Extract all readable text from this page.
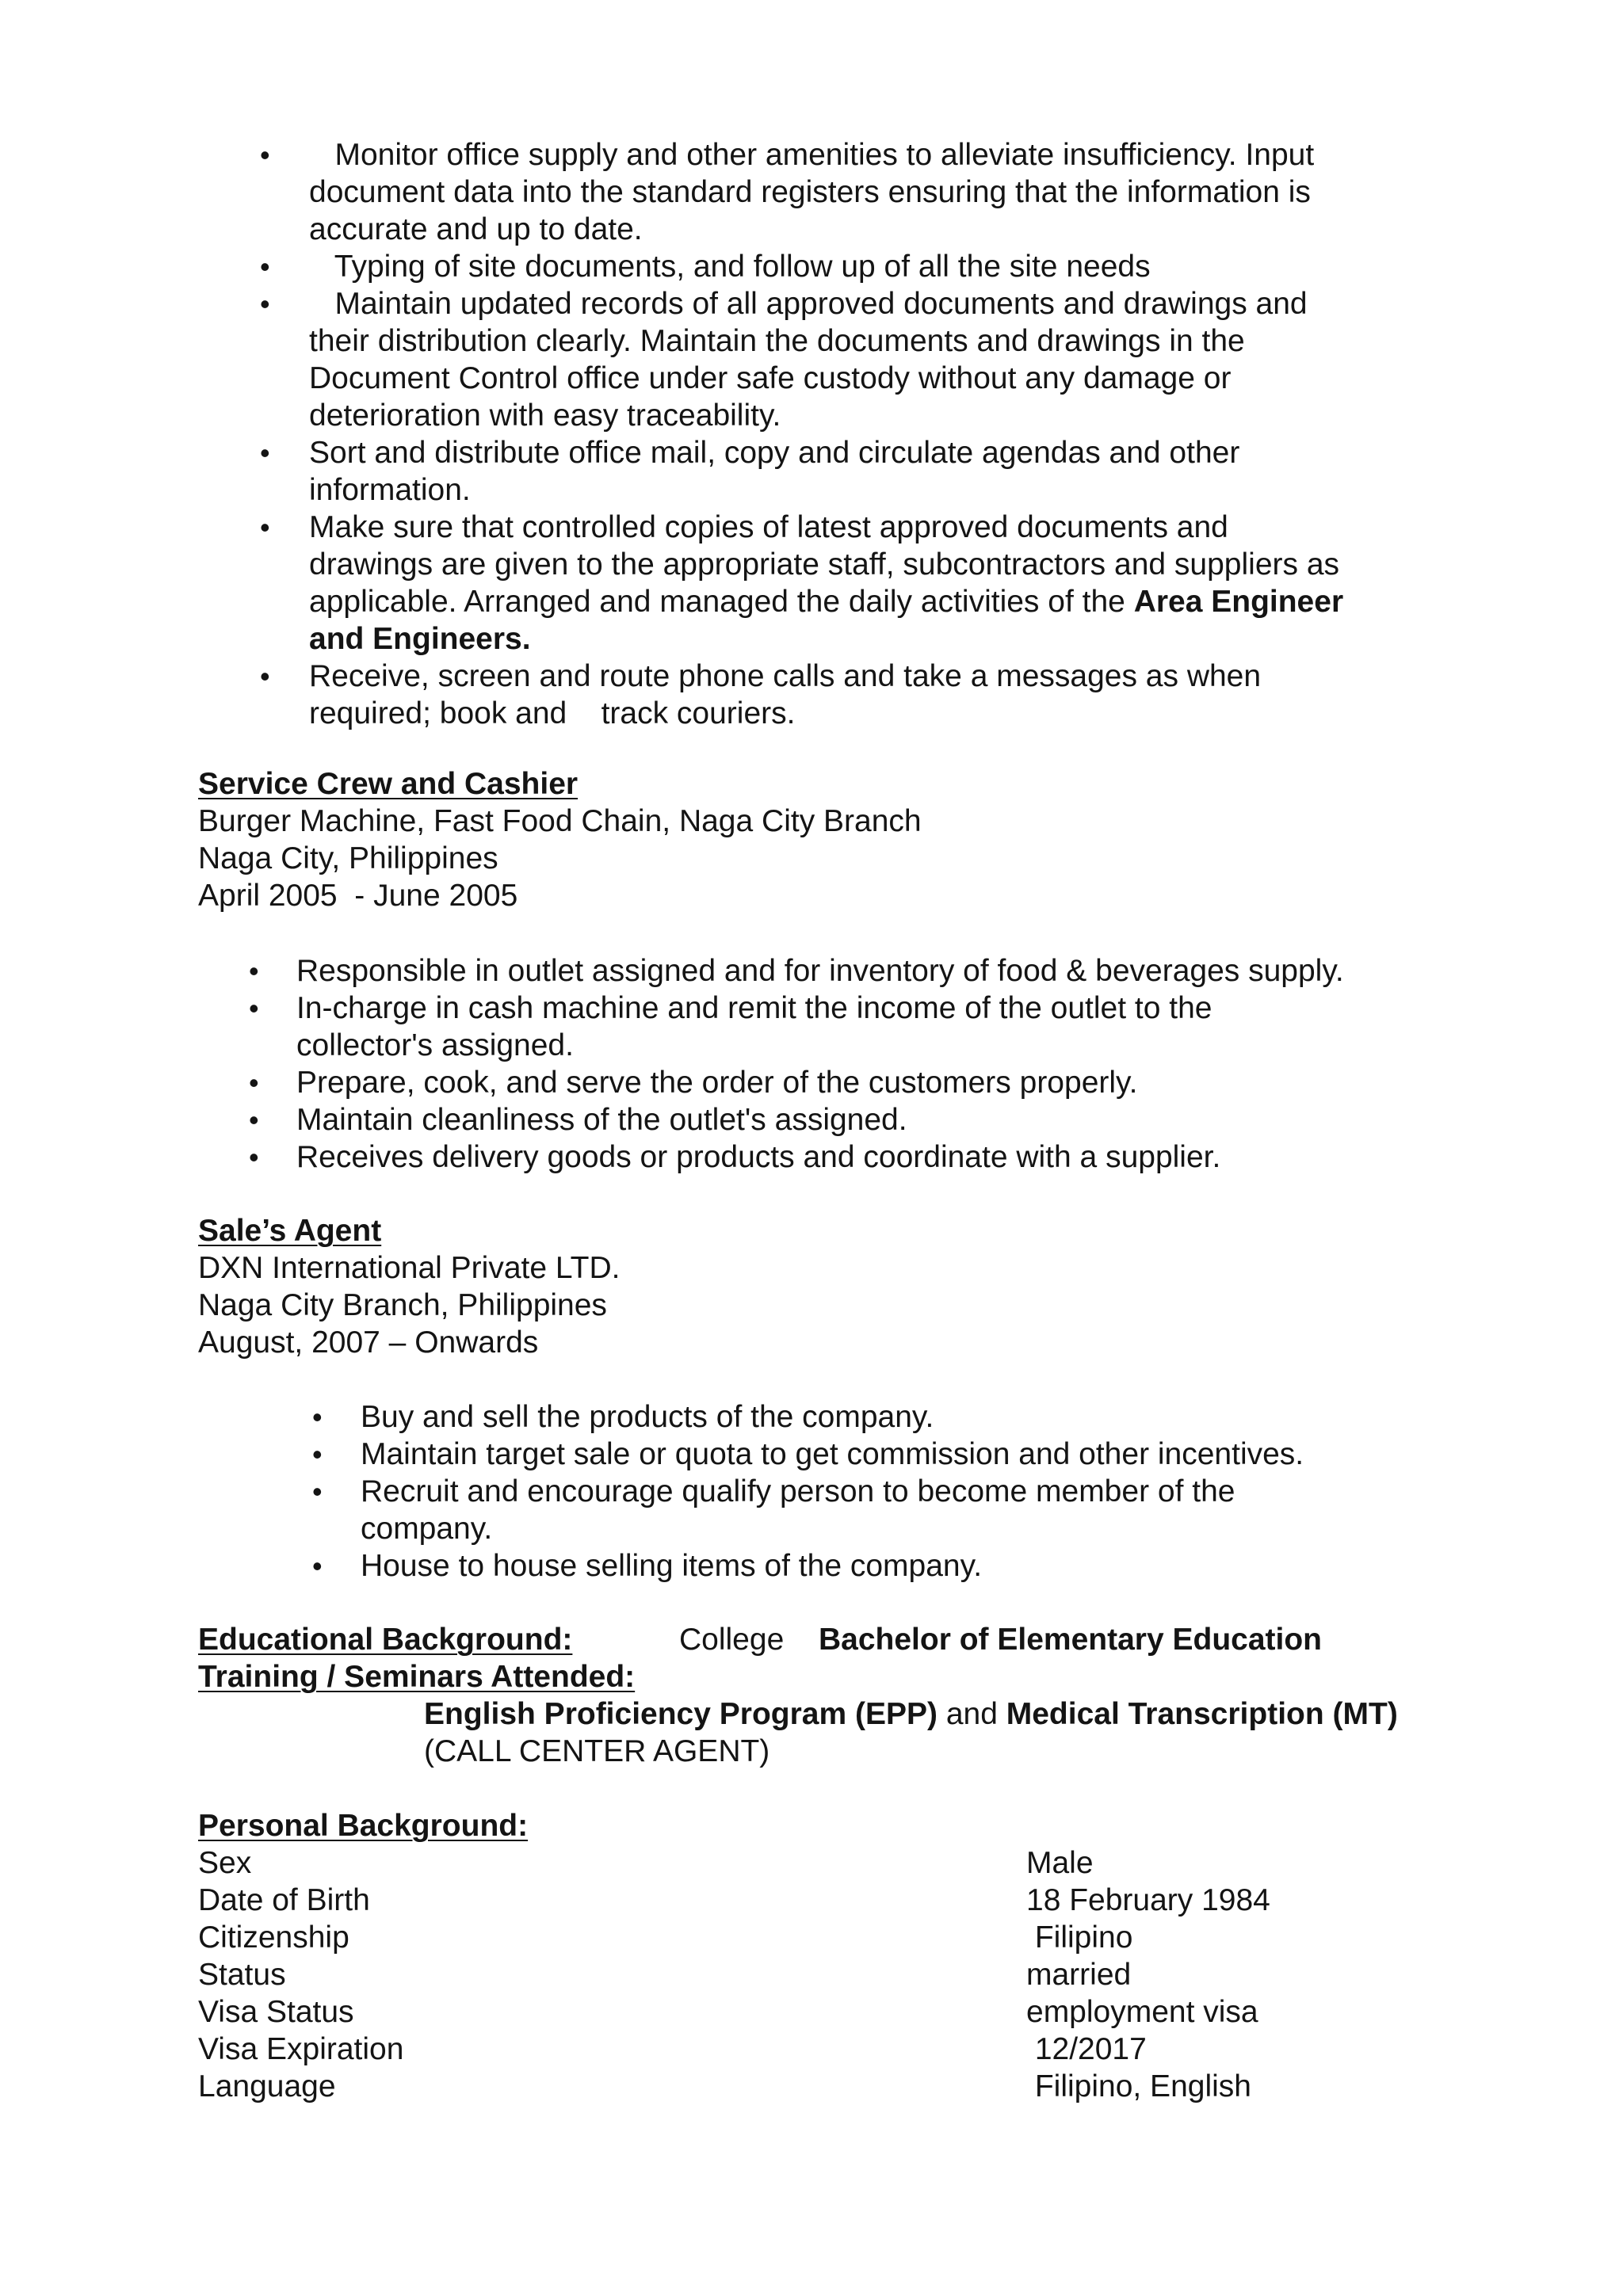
• Monitor office supply and other amenities to alleviate insufficiency. Input
document data into the standard registers ensuring that the information is
accurate and up to date.
• Typing of site documents, and follow up of all the site needs
• Maintain updated records of all approved documents and drawings and
their distribution clearly. Maintain the documents and drawings in the
Document Control office under safe custody without any damage or
deterioration with easy traceability.
• Sort and distribute office mail, copy and circulate agendas and other
information.
• Make sure that controlled copies of latest approved documents and
drawings are given to the appropriate staff, subcontractors and suppliers as
applicable. Arranged and managed the daily activities of the Area Engineer
and Engineers.
• Receive, screen and route phone calls and take a messages as when
required; book and    track couriers.
Service Crew and Cashier
Burger Machine, Fast Food Chain, Naga City Branch
Naga City, Philippines
April 2005  - June 2005
• Responsible in outlet assigned and for inventory of food & beverages supply.
• In-charge in cash machine and remit the income of the outlet to the
collector's assigned.
• Prepare, cook, and serve the order of the customers properly.
• Maintain cleanliness of the outlet's assigned.
• Receives delivery goods or products and coordinate with a supplier.
Sale’s Agent
DXN International Private LTD.
Naga City Branch, Philippines
August, 2007 – Onwards
• Buy and sell the products of the company.
• Maintain target sale or quota to get commission and other incentives.
• Recruit and encourage qualify person to become member of the
company.
• House to house selling items of the company.
Educational Background:	College Bachelor of Elementary Education
Training / Seminars Attended:
English Proficiency Program (EPP) and Medical Transcription (MT)
(CALL CENTER AGENT)
Personal Background:
Sex	Male
Date of Birth	18 February 1984
Citizenship	Filipino
Status	married
Visa Status	employment visa
Visa Expiration	12/2017
Language	Filipino, English
